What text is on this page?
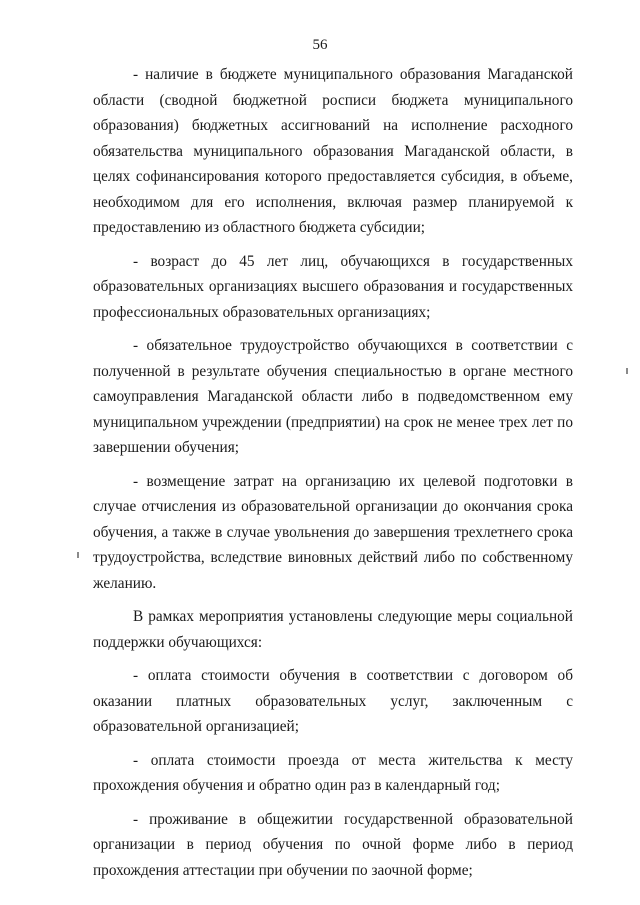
56

- наличие в бюджете муниципального образования Магаданской области (сводной бюджетной росписи бюджета муниципального образования) бюджетных ассигнований на исполнение расходного обязательства муниципального образования Магаданской области, в целях софинансирования которого предоставляется субсидия, в объеме, необходимом для его исполнения, включая размер планируемой к предоставлению из областного бюджета субсидии;

- возраст до 45 лет лиц, обучающихся в государственных образовательных организациях высшего образования и государственных профессиональных образовательных организациях;

- обязательное трудоустройство обучающихся в соответствии с полученной в результате обучения специальностью в органе местного самоуправления Магаданской области либо в подведомственном ему муниципальном учреждении (предприятии) на срок не менее трех лет по завершении обучения;

- возмещение затрат на организацию их целевой подготовки в случае отчисления из образовательной организации до окончания срока обучения, а также в случае увольнения до завершения трехлетнего срока трудоустройства, вследствие виновных действий либо по собственному желанию.

В рамках мероприятия установлены следующие меры социальной поддержки обучающихся:

- оплата стоимости обучения в соответствии с договором об оказании платных образовательных услуг, заключенным с образовательной организацией;

- оплата стоимости проезда от места жительства к месту прохождения обучения и обратно один раз в календарный год;

- проживание в общежитии государственной образовательной организации в период обучения по очной форме либо в период прохождения аттестации при обучении по заочной форме;
